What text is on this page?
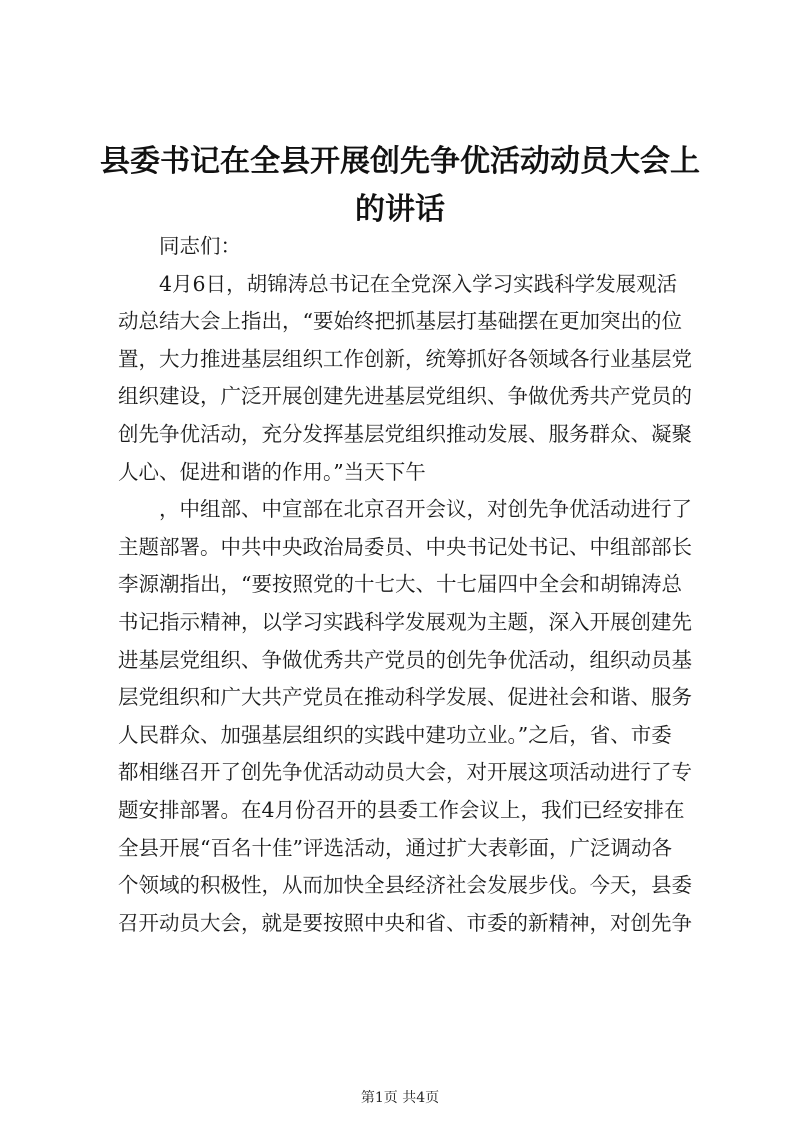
县委书记在全县开展创先争优活动动员大会上
的讲话

同志们：

4月6日，胡锦涛总书记在全党深入学习实践科学发展观活
动总结大会上指出，“要始终把抓基层打基础摆在更加突出的位
置，大力推进基层组织工作创新，统筹抓好各领域各行业基层党
组织建设，广泛开展创建先进基层党组织、争做优秀共产党员的
创先争优活动，充分发挥基层党组织推动发展、服务群众、凝聚
人心、促进和谐的作用。”当天下午

，中组部、中宣部在北京召开会议，对创先争优活动进行了
主题部署。中共中央政治局委员、中央书记处书记、中组部部长
李源潮指出，“要按照党的十七大、十七届四中全会和胡锦涛总
书记指示精神，以学习实践科学发展观为主题，深入开展创建先
进基层党组织、争做优秀共产党员的创先争优活动，组织动员基
层党组织和广大共产党员在推动科学发展、促进社会和谐、服务
人民群众、加强基层组织的实践中建功立业。”之后，省、市委
都相继召开了创先争优活动动员大会，对开展这项活动进行了专
题安排部署。在4月份召开的县委工作会议上，我们已经安排在
全县开展“百名十佳”评选活动，通过扩大表彰面，广泛调动各
个领域的积极性，从而加快全县经济社会发展步伐。今天，县委
召开动员大会，就是要按照中央和省、市委的新精神，对创先争

第1页 共4页
